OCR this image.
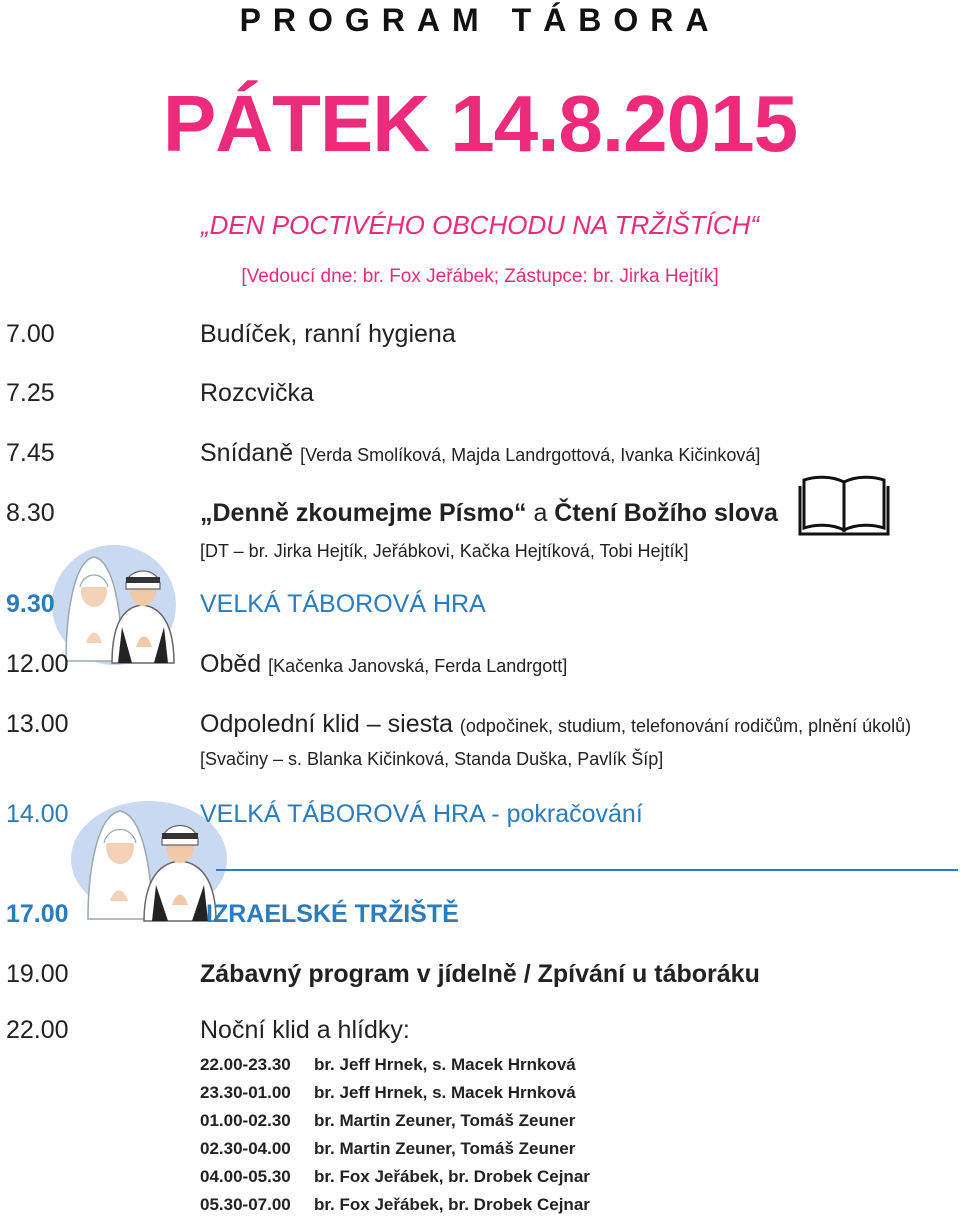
PROGRAM TÁBORA
PÁTEK 14.8.2015
„DEN POCTIVÉHO OBCHODU NA TRŽIŠTÍCH“
[Vedoucí dne: br. Fox Jeřábek; Zástupce: br. Jirka Hejtík]
7.00	Budíček, ranní hygiena
7.25	Rozcvička
7.45	Snídaně [Verda Smolíková, Majda Landrgottová, Ivanka Kičinková]
8.30	„Denně zkoumejme Písmo“ a Čtení Božího slova
[DT – br. Jirka Hejtík, Jeřábkovi, Kačka Hejtíková, Tobi Hejtík]
9.30	VELKÁ TÁBOROVÁ HRA
12.00	Oběd [Kačenka Janovská, Ferda Landrgott]
13.00	Odpolední klid – siesta (odpočinek, studium, telefonování rodičům, plnění úkolů)
[Svačiny – s. Blanka Kičinková, Standa Duška, Pavlík Šíp]
14.00	VELKÁ TÁBOROVÁ HRA - pokračování
17.00	IZRAELSKÉ TRŽIŠTĚ
19.00	Zábavný program v jídelně / Zpívání u táboráku
22.00	Noční klid a hlídky:
22.00-23.30 br. Jeff Hrnek, s. Macek Hrnková
23.30-01.00 br. Jeff Hrnek, s. Macek Hrnková
01.00-02.30 br. Martin Zeuner, Tomáš Zeuner
02.30-04.00 br. Martin Zeuner, Tomáš Zeuner
04.00-05.30 br. Fox Jeřábek, br. Drobek Cejnar
05.30-07.00 br. Fox Jeřábek, br. Drobek Cejnar
